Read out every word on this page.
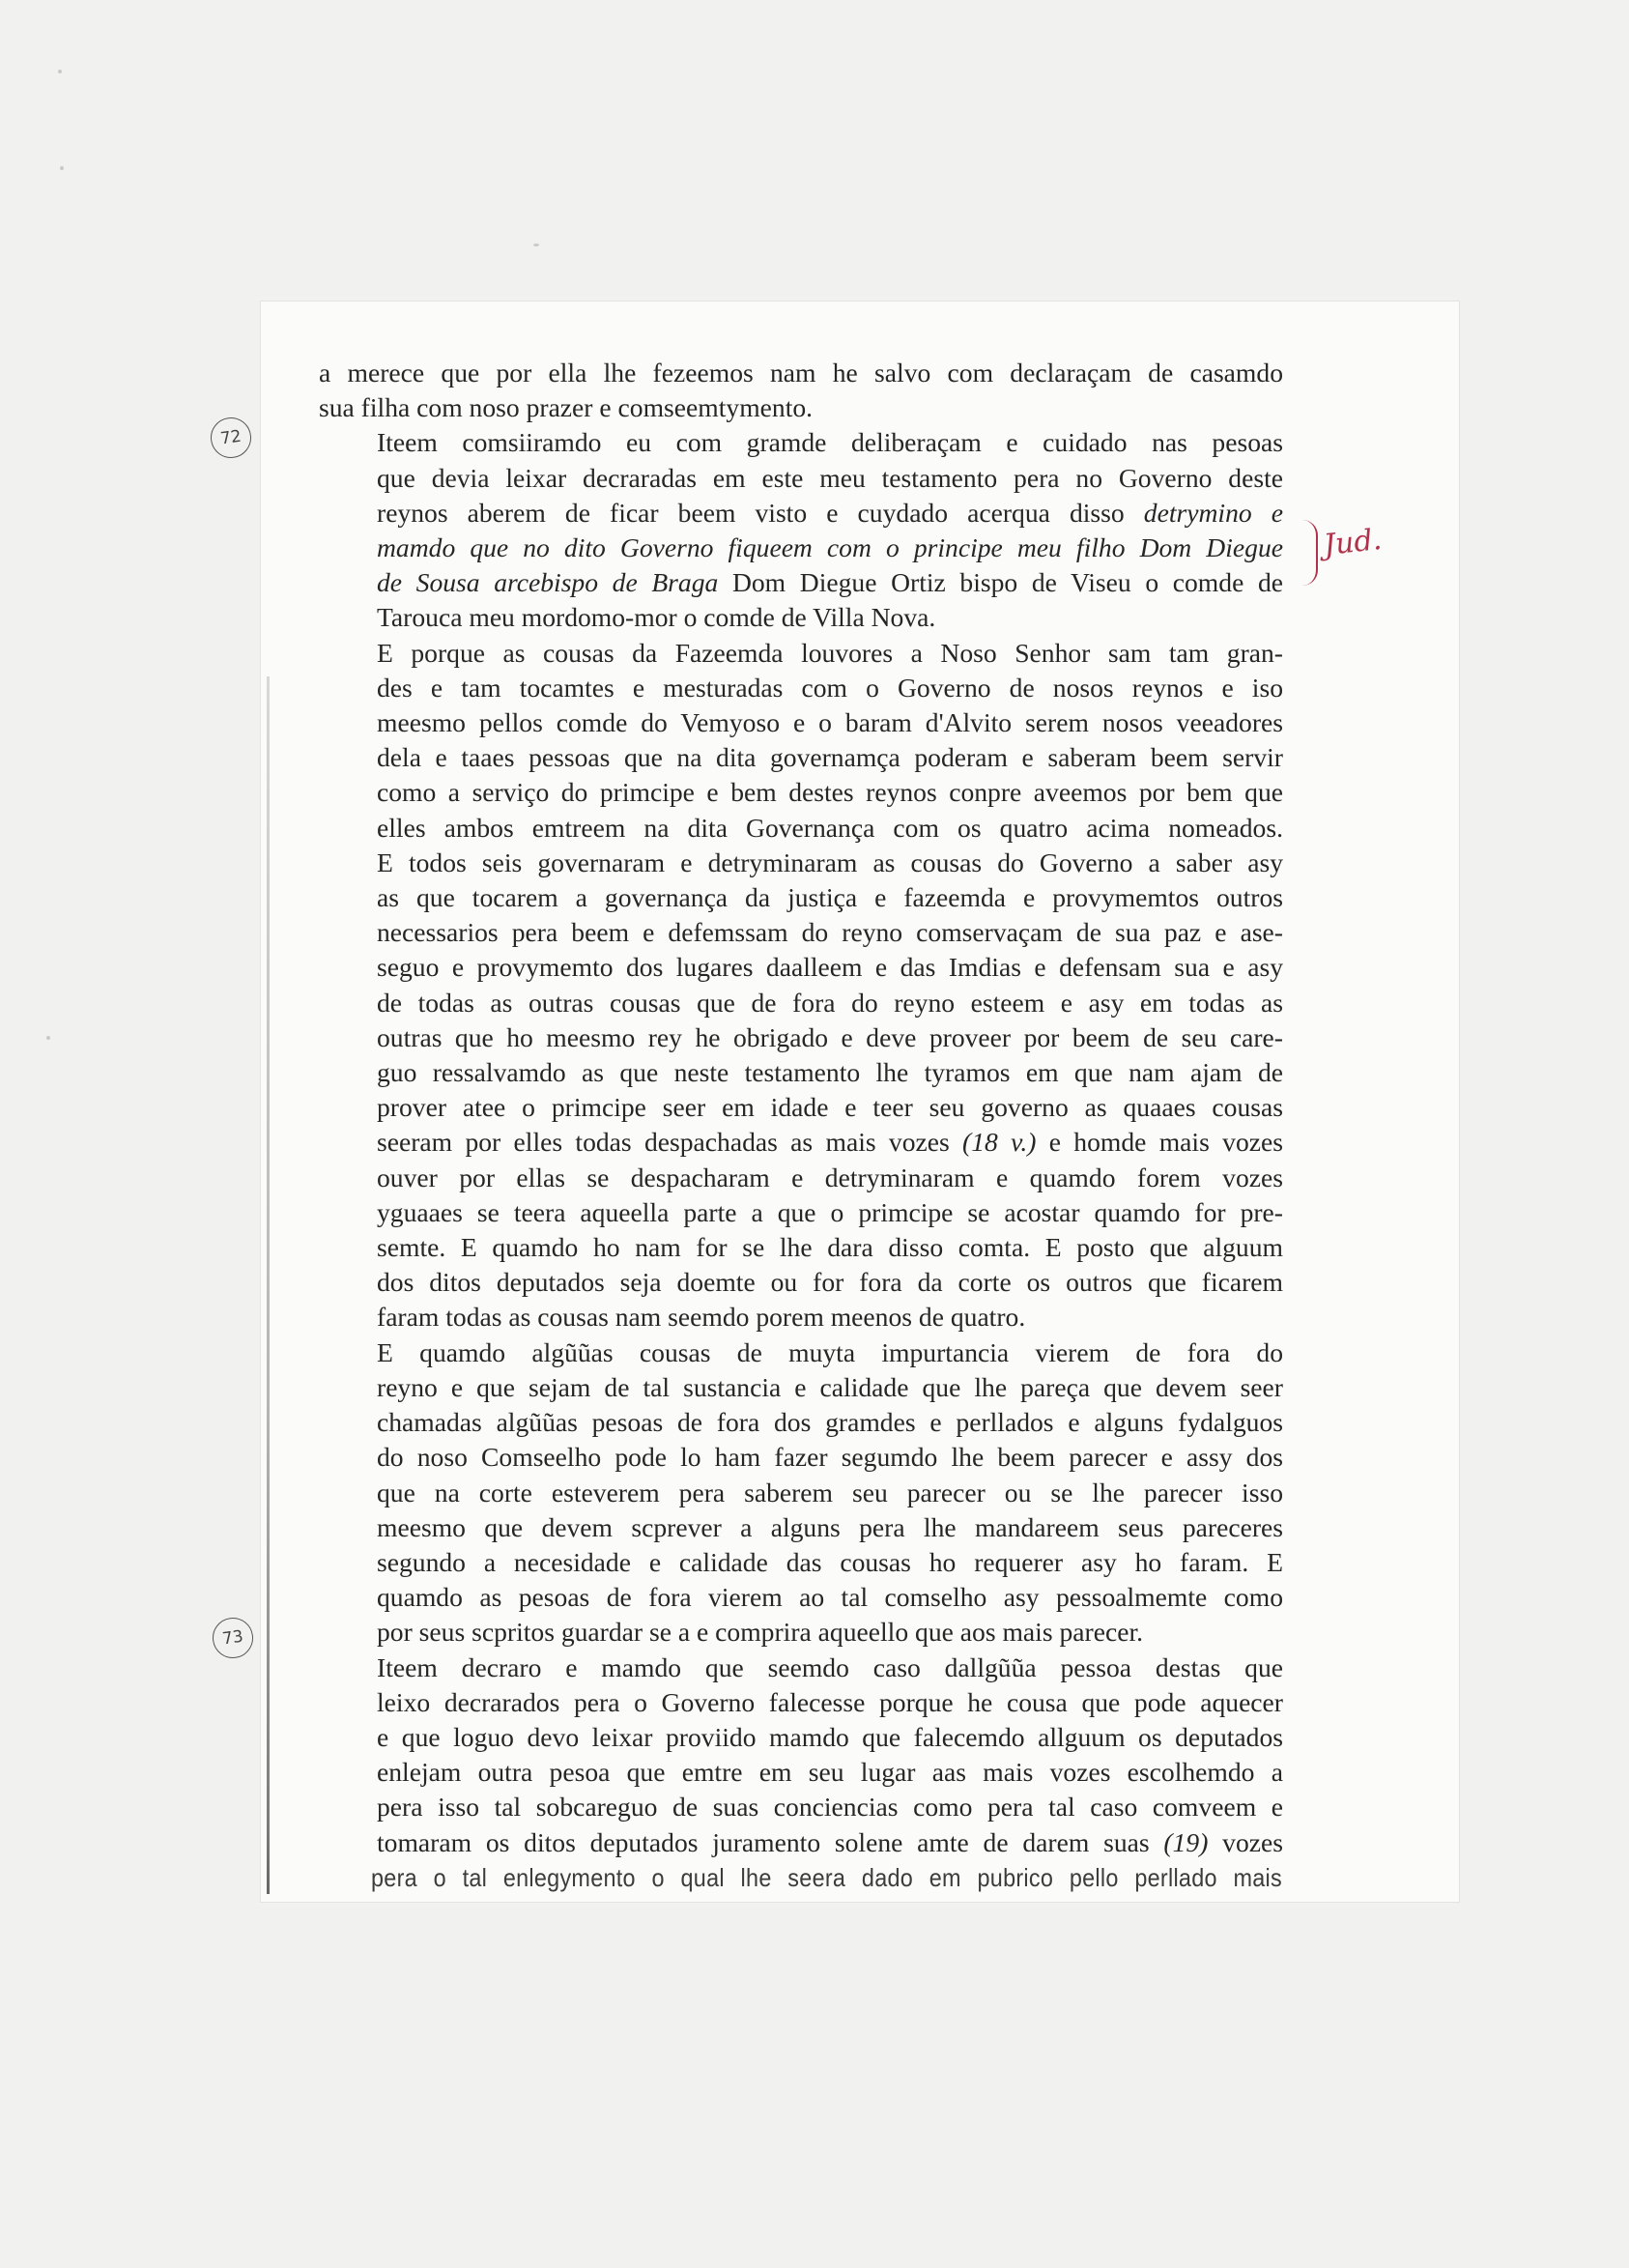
72
73
Jud.

a merece que por ella lhe fezeemos nam he salvo com declaraçam de casamdo
sua filha com noso prazer e comseemtymento.

Iteem comsiiramdo eu com gramde deliberaçam e cuidado nas pesoas
que devia leixar decraradas em este meu testamento pera no Governo deste
reynos aberem de ficar beem visto e cuydado acerqua disso detrymino e
mamdo que no dito Governo fiqueem com o principe meu filho Dom Diegue
de Sousa arcebispo de Braga Dom Diegue Ortiz bispo de Viseu o comde de
Tarouca meu mordomo-mor o comde de Villa Nova.

E porque as cousas da Fazeemda louvores a Noso Senhor sam tam gran-
des e tam tocamtes e mesturadas com o Governo de nosos reynos e iso
meesmo pellos comde do Vemyoso e o baram d'Alvito serem nosos veeadores
dela e taaes pessoas que na dita governamça poderam e saberam beem servir
como a serviço do primcipe e bem destes reynos conpre aveemos por bem que
elles ambos emtreem na dita Governança com os quatro acima nomeados.
E todos seis governaram e detryminaram as cousas do Governo a saber asy
as que tocarem a governança da justiça e fazeemda e provymemtos outros
necessarios pera beem e defemssam do reyno comservaçam de sua paz e ase-
seguo e provymemto dos lugares daalleem e das Imdias e defensam sua e asy
de todas as outras cousas que de fora do reyno esteem e asy em todas as
outras que ho meesmo rey he obrigado e deve proveer por beem de seu care-
guo ressalvamdo as que neste testamento lhe tyramos em que nam ajam de
prover atee o primcipe seer em idade e teer seu governo as quaaes cousas
seeram por elles todas despachadas as mais vozes (18 v.) e homde mais vozes
ouver por ellas se despacharam e detryminaram e quamdo forem vozes
yguaaes se teera aqueella parte a que o primcipe se acostar quamdo for pre-
semte. E quamdo ho nam for se lhe dara disso comta. E posto que alguum
dos ditos deputados seja doemte ou for fora da corte os outros que ficarem
faram todas as cousas nam seemdo porem meenos de quatro.

E quamdo algũũas cousas de muyta impurtancia vierem de fora do
reyno e que sejam de tal sustancia e calidade que lhe pareça que devem seer
chamadas algũũas pesoas de fora dos gramdes e perllados e alguns fydalguos
do noso Comseelho pode lo ham fazer segumdo lhe beem parecer e assy dos
que na corte esteverem pera saberem seu parecer ou se lhe parecer isso
meesmo que devem scprever a alguns pera lhe mandareem seus pareceres
segundo a necesidade e calidade das cousas ho requerer asy ho faram. E
quamdo as pesoas de fora vierem ao tal comselho asy pessoalmemte como
por seus scpritos guardar se a e comprira aqueello que aos mais parecer.

Iteem decraro e mamdo que seemdo caso dallgũũa pessoa destas que
leixo decrarados pera o Governo falecesse porque he cousa que pode aquecer
e que loguo devo leixar proviido mamdo que falecemdo allguum os deputados
enlejam outra pesoa que emtre em seu lugar aas mais vozes escolhemdo a
pera isso tal sobcareguo de suas conciencias como pera tal caso comveem e
tomaram os ditos deputados juramento solene amte de darem suas (19) vozes
pera o tal enlegymento o qual lhe seera dado em pubrico pello perllado mais
